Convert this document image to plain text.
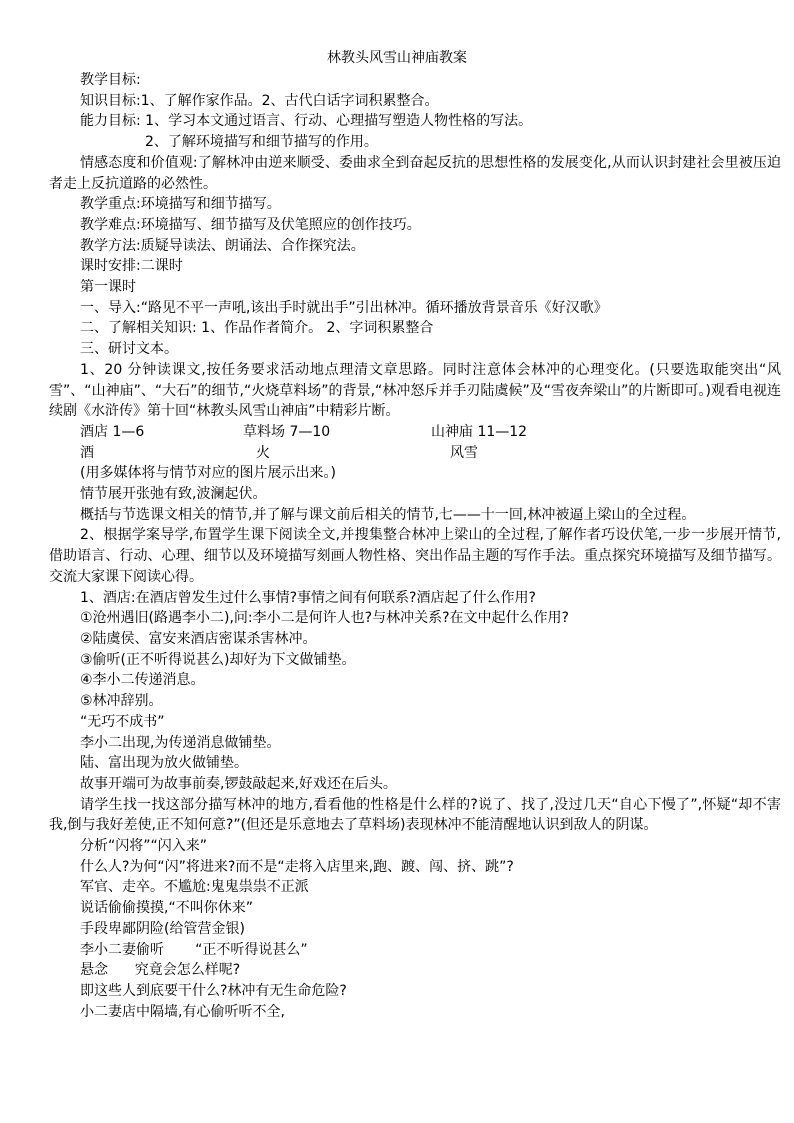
林教头风雪山神庙教案

教学目标:

知识目标:1、了解作家作品。2、古代白话字词积累整合。

能力目标: 1、学习本文通过语言、行动、心理描写塑造人物性格的写法。

2、了解环境描写和细节描写的作用。

情感态度和价值观:了解林冲由逆来顺受、委曲求全到奋起反抗的思想性格的发展变化,从而认识封建社会里被压迫者走上反抗道路的必然性。

教学重点:环境描写和细节描写。

教学难点:环境描写、细节描写及伏笔照应的创作技巧。

教学方法:质疑导读法、朗诵法、合作探究法。

课时安排:二课时

第一课时

一、导入:“路见不平一声吼,该出手时就出手”引出林冲。循环播放背景音乐《好汉歌》

二、了解相关知识: 1、作品作者简介。 2、字词积累整合

三、研讨文本。

1、20 分钟读课文,按任务要求活动地点理清文章思路。同时注意体会林冲的心理变化。(只要选取能突出“风雪”、“山神庙”、“大石”的细节,“火烧草料场”的背景,“林冲怒斥并手刃陆虞候”及“雪夜奔梁山”的片断即可。)观看电视连续剧《水浒传》第十回“林教头风雪山神庙”中精彩片断。

酒店 1—6	草料场 7—10	山神庙 11—12
酒	火	风雪

(用多媒体将与情节对应的图片展示出来。)

情节展开张弛有致,波澜起伏。

概括与节选课文相关的情节,并了解与课文前后相关的情节,七——十一回,林冲被逼上梁山的全过程。

2、根据学案导学,布置学生课下阅读全文,并搜集整合林冲上梁山的全过程,了解作者巧设伏笔,一步一步展开情节,借助语言、行动、心理、细节以及环境描写刻画人物性格、突出作品主题的写作手法。重点探究环境描写及细节描写。交流大家课下阅读心得。

1、酒店:在酒店曾发生过什么事情?事情之间有何联系?酒店起了什么作用?

①沧州遇旧(路遇李小二),问:李小二是何许人也?与林冲关系?在文中起什么作用?

②陆虞侯、富安来酒店密谋杀害林冲。

③偷听(正不听得说甚么)却好为下文做铺垫。

④李小二传递消息。

⑤林冲辞别。

“无巧不成书”

李小二出现,为传递消息做铺垫。

陆、富出现为放火做铺垫。

故事开端可为故事前奏,锣鼓敲起来,好戏还在后头。

请学生找一找这部分描写林冲的地方,看看他的性格是什么样的?说了、找了,没过几天“自心下慢了”,怀疑“却不害我,倒与我好差使,正不知何意?”(但还是乐意地去了草料场)表现林冲不能清醒地认识到敌人的阴谋。

分析“闪将”“闪入来”

什么人?为何“闪”将进来?而不是“走将入店里来,跑、踱、闯、挤、跳”?

军官、走卒。不尴尬:鬼鬼祟祟不正派

说话偷偷摸摸,“不叫你休来”

手段卑鄙阴险(给管营金银)

李小二妻偷听       “正不听得说甚么”

悬念      究竟会怎么样呢?

即这些人到底要干什么?林冲有无生命危险?

小二妻店中隔墙,有心偷听听不全,
